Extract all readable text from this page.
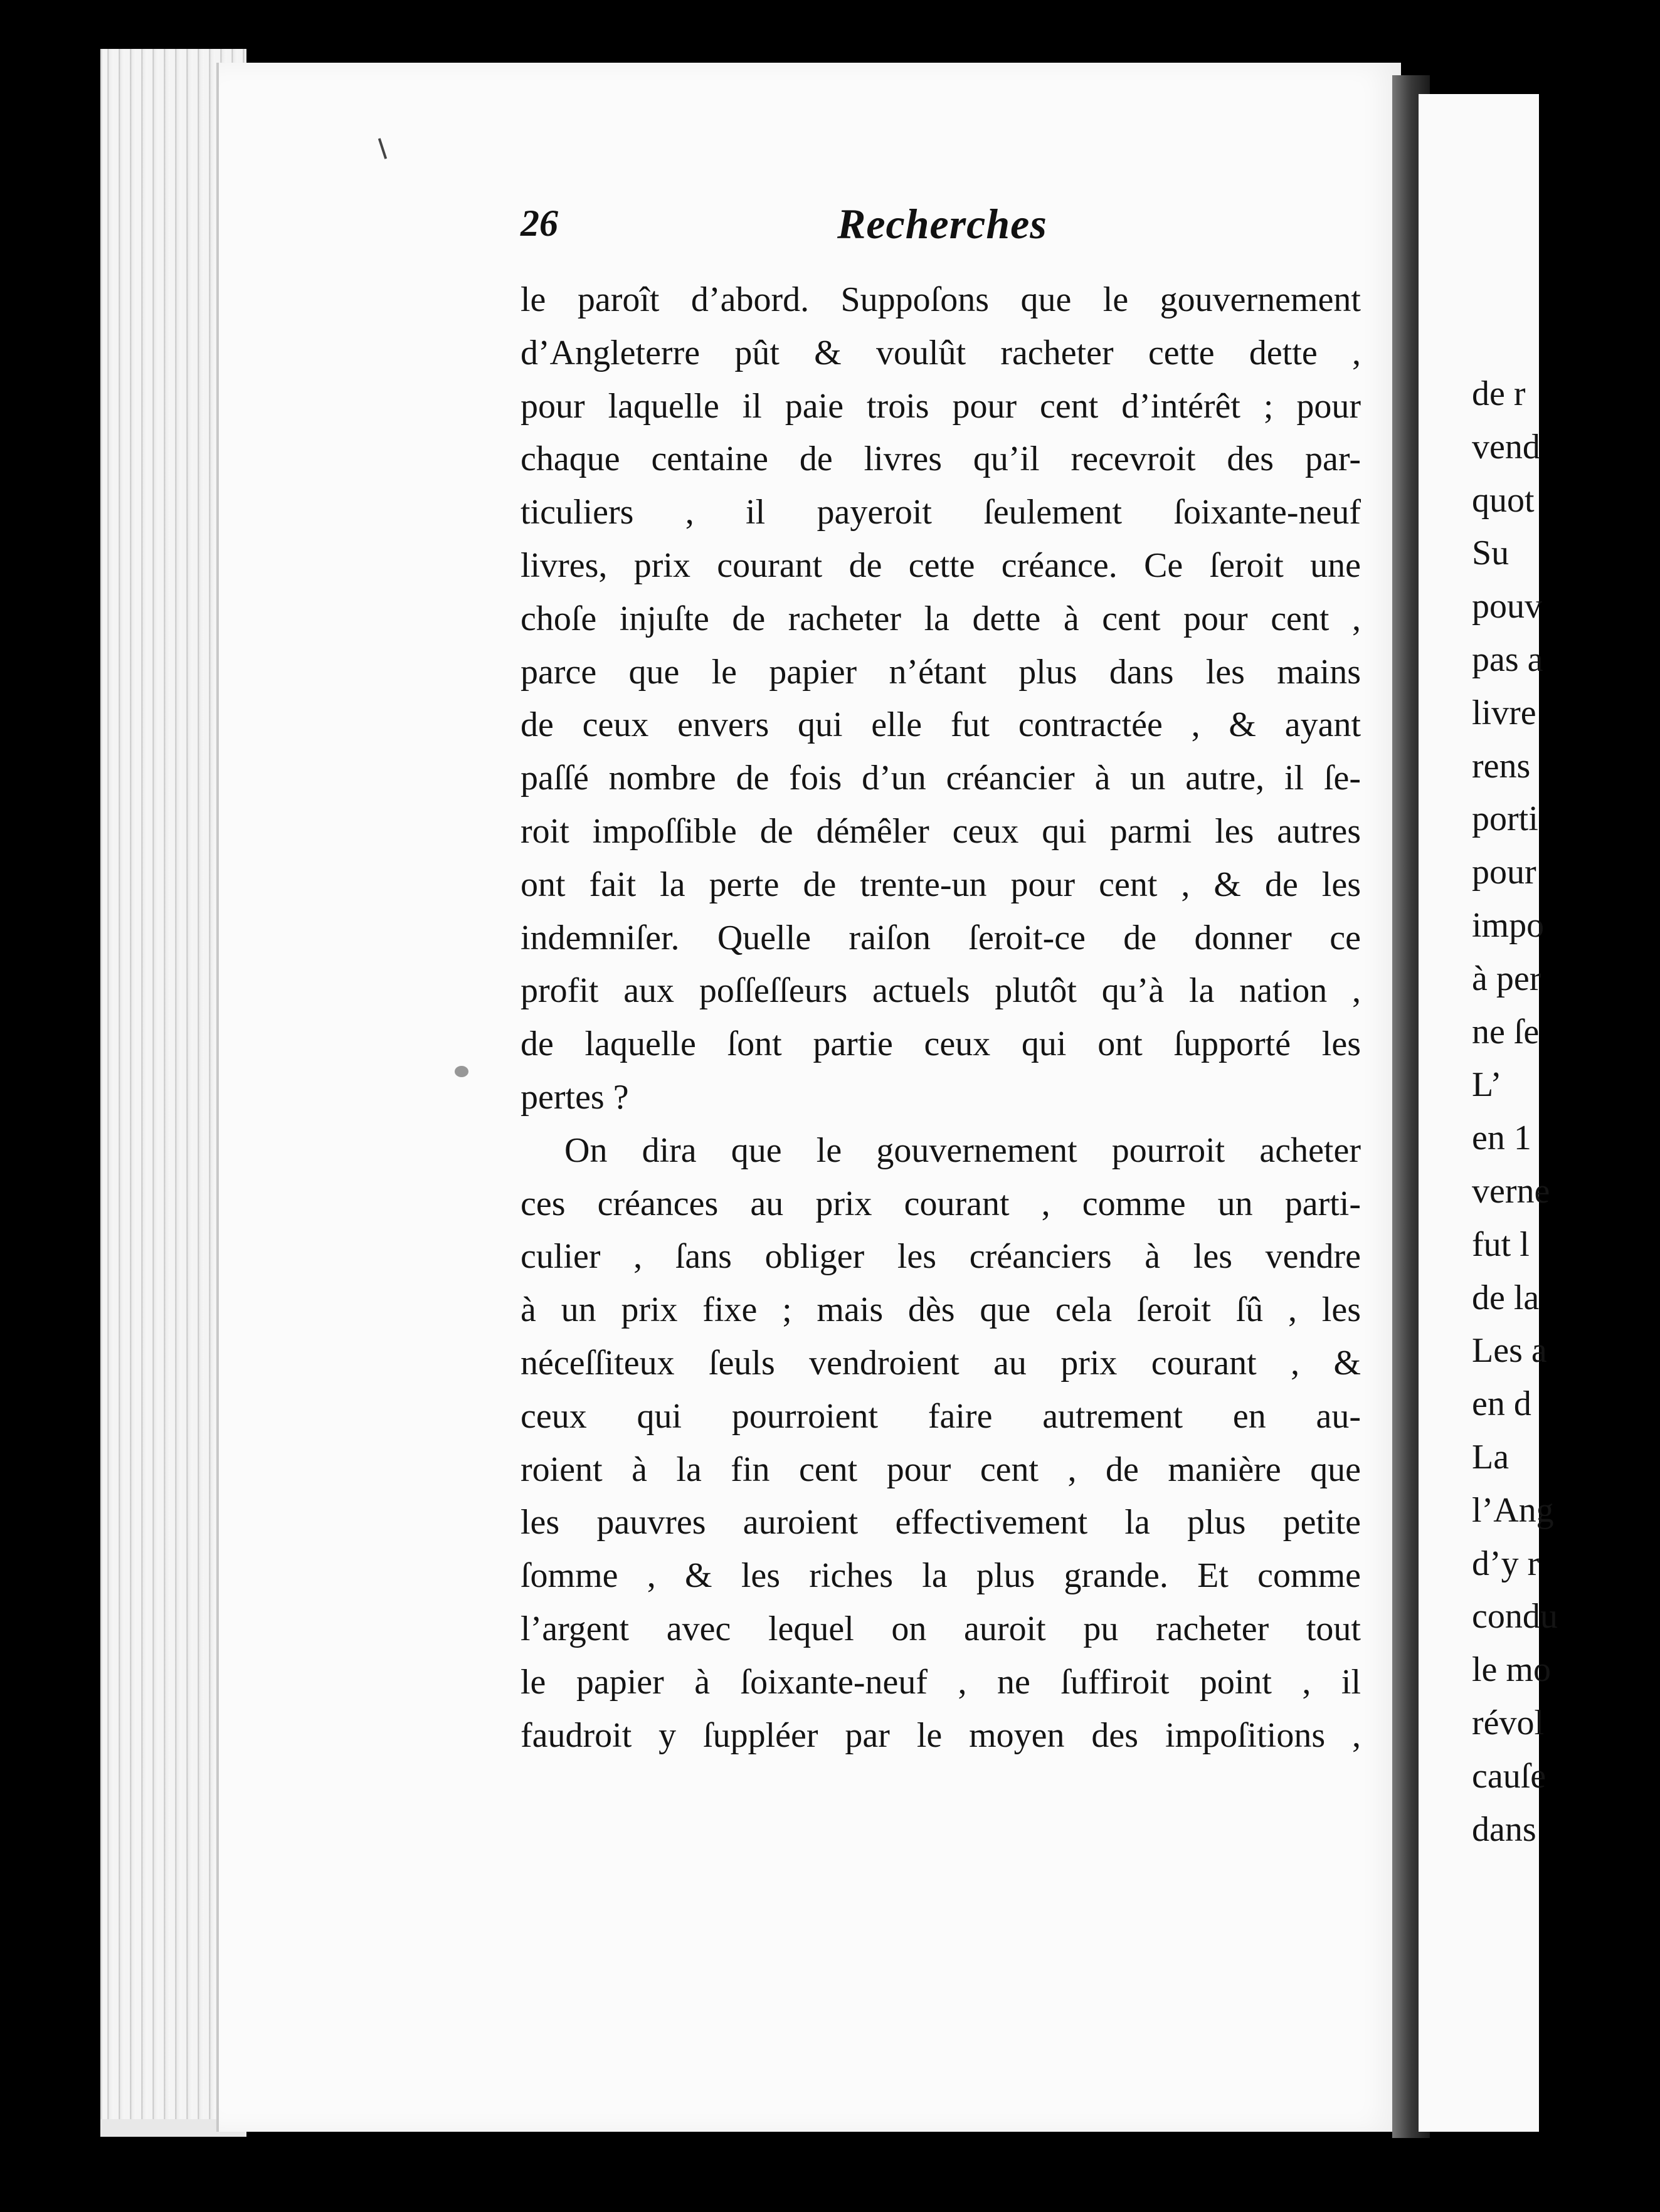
de r
vend
quot
Su
pouv
pas a
livre
rens
porti
pour
impo
à per
ne ſe
L’
en 1
verne
fut l
de la
Les a
en d
La
l’Ang
d’y r
condu
le mo
révol
cauſe
dans
26	Recherches
le paroît d’abord. Suppoſons que le gouvernement
d’Angleterre pût & voulût racheter cette dette ,
pour laquelle il paie trois pour cent d’intérêt ; pour
chaque centaine de livres qu’il recevroit des par-
ticuliers , il payeroit ſeulement ſoixante-neuf
livres, prix courant de cette créance. Ce ſeroit une
choſe injuſte de racheter la dette à cent pour cent ,
parce que le papier n’étant plus dans les mains
de ceux envers qui elle fut contractée , & ayant
paſſé nombre de fois d’un créancier à un autre, il ſe-
roit impoſſible de démêler ceux qui parmi les autres
ont fait la perte de trente-un pour cent , & de les
indemniſer. Quelle raiſon ſeroit-ce de donner ce
profit aux poſſeſſeurs actuels plutôt qu’à la nation ,
de laquelle ſont partie ceux qui ont ſupporté les
pertes ?
On dira que le gouvernement pourroit acheter
ces créances au prix courant , comme un parti-
culier , ſans obliger les créanciers à les vendre
à un prix fixe ; mais dès que cela ſeroit ſû , les
néceſſiteux ſeuls vendroient au prix courant , &
ceux qui pourroient faire autrement en au-
roient à la fin cent pour cent , de manière que
les pauvres auroient effectivement la plus petite
ſomme , & les riches la plus grande. Et comme
l’argent avec lequel on auroit pu racheter tout
le papier à ſoixante-neuf , ne ſuffiroit point , il
faudroit y ſuppléer par le moyen des impoſitions ,
